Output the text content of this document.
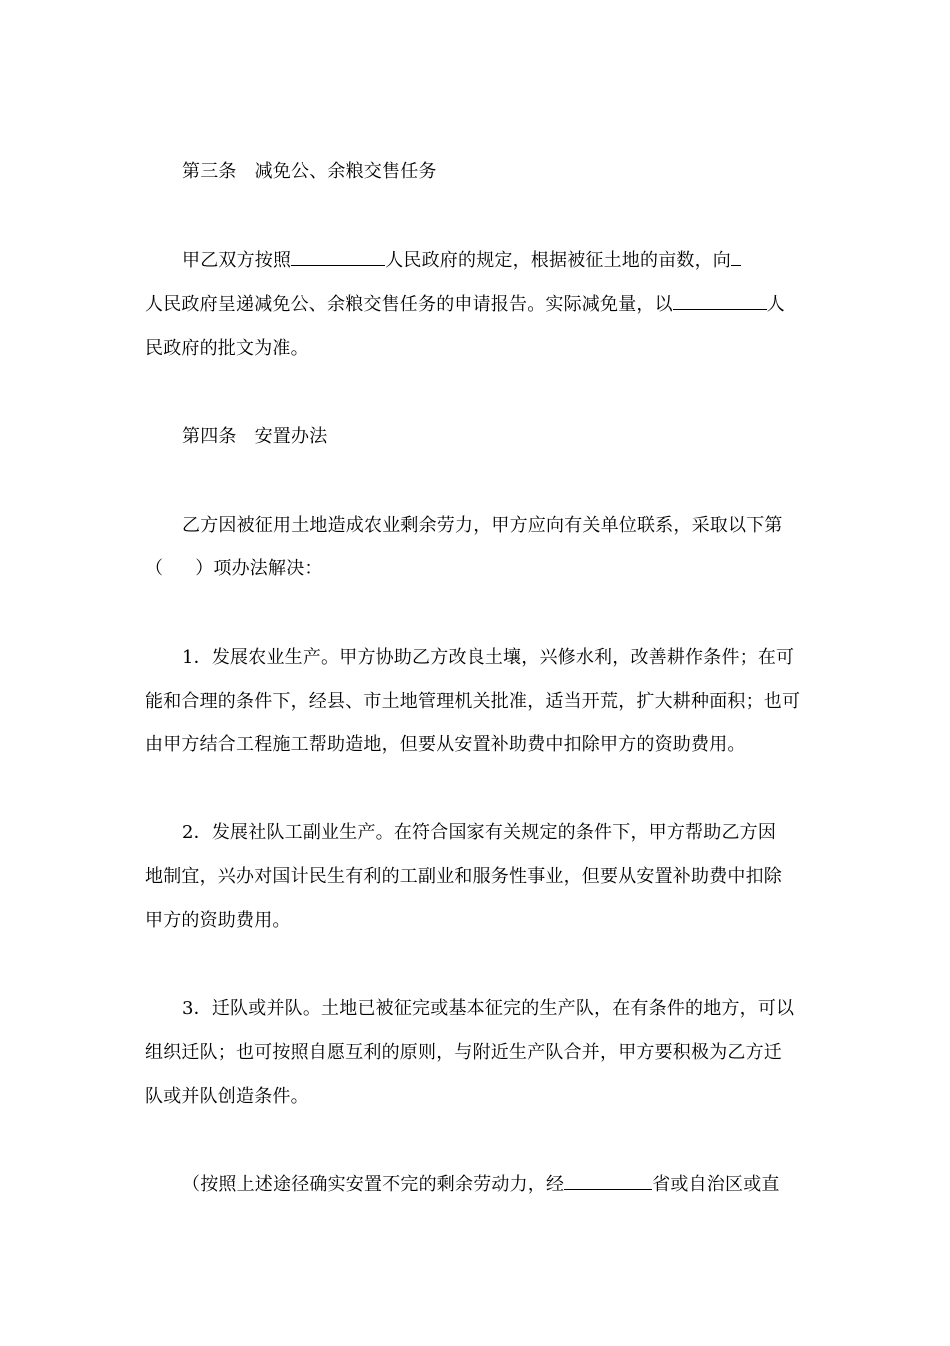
第三条 减免公、余粮交售任务
甲乙双方按照	人民政府的规定，根据被征土地的亩数，向
人民政府呈递减免公、余粮交售任务的申请报告。实际减免量，以	人
民政府的批文为准。
第四条 安置办法
乙方因被征用土地造成农业剩余劳力，甲方应向有关单位联系，采取以下第
（ ）项办法解决：
1．发展农业生产。甲方协助乙方改良土壤，兴修水利，改善耕作条件；在可
能和合理的条件下，经县、市土地管理机关批准，适当开荒，扩大耕种面积；也可
由甲方结合工程施工帮助造地，但要从安置补助费中扣除甲方的资助费用。
2．发展社队工副业生产。在符合国家有关规定的条件下，甲方帮助乙方因
地制宜，兴办对国计民生有利的工副业和服务性事业，但要从安置补助费中扣除
甲方的资助费用。
3．迁队或并队。土地已被征完或基本征完的生产队，在有条件的地方，可以
组织迁队；也可按照自愿互利的原则，与附近生产队合并，甲方要积极为乙方迁
队或并队创造条件。
（按照上述途径确实安置不完的剩余劳动力，经	省或自治区或直
